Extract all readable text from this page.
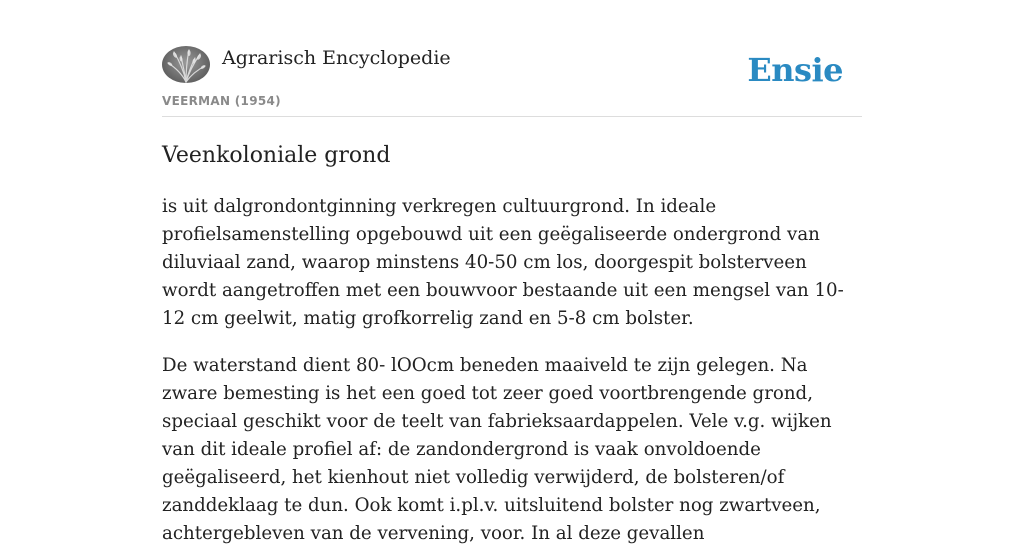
Agrarisch Encyclopedie	Ensie
VEERMAN (1954)
Veenkoloniale grond

is uit dalgrondontginning verkregen cultuurgrond. In ideale profielsamenstelling opgebouwd uit een geëgaliseerde ondergrond van diluviaal zand, waarop minstens 40-50 cm los, doorgespit bolsterveen wordt aangetroffen met een bouwvoor bestaande uit een mengsel van 10-12 cm geelwit, matig grofkorrelig zand en 5-8 cm bolster.

De waterstand dient 80- lOOcm beneden maaiveld te zijn gelegen. Na zware bemesting is het een goed tot zeer goed voortbrengende grond, speciaal geschikt voor de teelt van fabrieksaardappelen. Vele v.g. wijken van dit ideale profiel af: de zandondergrond is vaak onvoldoende geëgaliseerd, het kienhout niet volledig verwijderd, de bolsteren/of zanddeklaag te dun. Ook komt i.pl.v. uitsluitend bolster nog zwartveen, achtergebleven van de vervening, voor. In al deze gevallen
